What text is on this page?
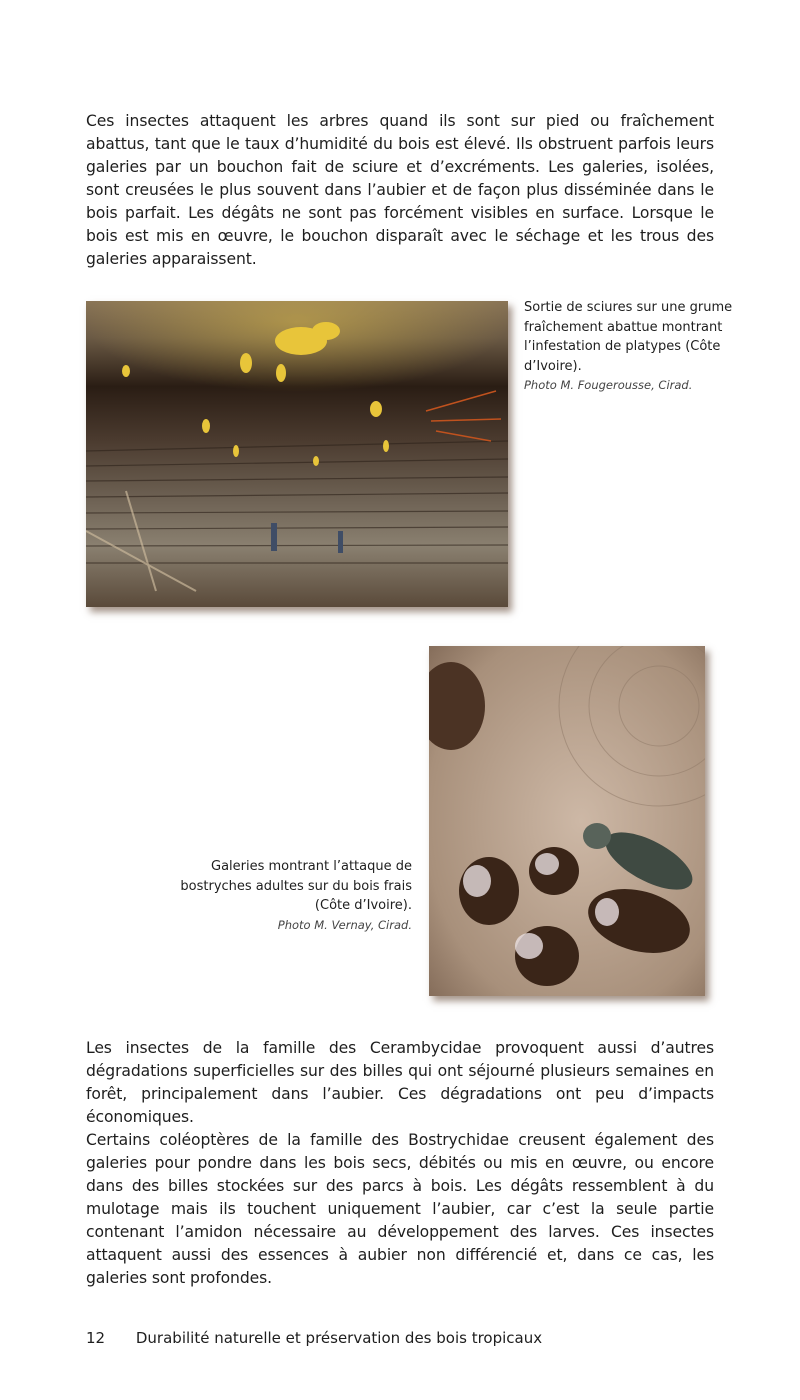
Ces insectes attaquent les arbres quand ils sont sur pied ou fraîchement abattus, tant que le taux d’humidité du bois est élevé. Ils obstruent parfois leurs galeries par un bouchon fait de sciure et d’excréments. Les galeries, isolées, sont creusées le plus souvent dans l’aubier et de façon plus disséminée dans le bois parfait. Les dégâts ne sont pas forcément visibles en surface. Lorsque le bois est mis en œuvre, le bouchon disparaît avec le séchage et les trous des galeries apparaissent.

Sortie de sciures sur une grume fraîchement abattue montrant l’infestation de platypes (Côte d’Ivoire).
Photo M. Fougerousse, Cirad.
Galeries montrant l’attaque de bostryches adultes sur du bois frais (Côte d’Ivoire).
Photo M. Vernay, Cirad.

Les insectes de la famille des Cerambycidae provoquent aussi d’autres dégradations superficielles sur des billes qui ont séjourné plusieurs semaines en forêt, principalement dans l’aubier. Ces dégradations ont peu d’impacts économiques.

Certains coléoptères de la famille des Bostrychidae creusent également des galeries pour pondre dans les bois secs, débités ou mis en œuvre, ou encore dans des billes stockées sur des parcs à bois. Les dégâts ressemblent à du mulotage mais ils touchent uniquement l’aubier, car c’est la seule partie contenant l’amidon nécessaire au développement des larves. Ces insectes attaquent aussi des essences à aubier non différencié et, dans ce cas, les galeries sont profondes.

12 Durabilité naturelle et préservation des bois tropicaux
